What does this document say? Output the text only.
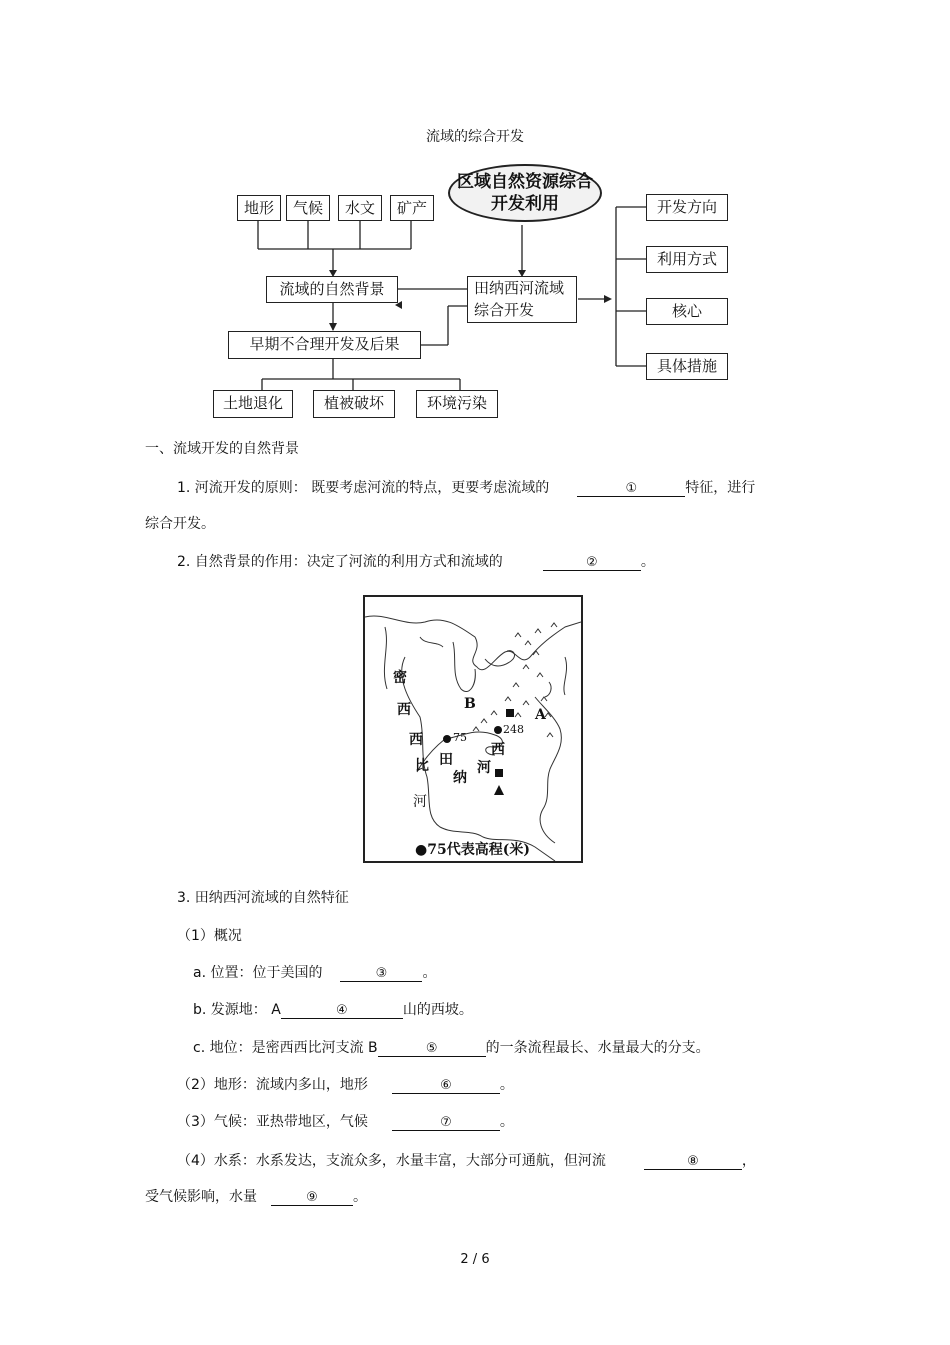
流域的综合开发
区域自然资源综合开发利用
地形	气候	水文	矿产
流域的自然背景
早期不合理开发及后果
土地退化	植被破坏	环境污染
田纳西河流域综合开发
开发方向
利用方式
核心
具体措施
一、流域开发的自然背景
1. 河流开发的原则： 既要考虑河流的特点，更要考虑流域的	①	特征，进行
综合开发。
2. 自然背景的作用：决定了河流的利用方式和流域的	②	。
密
西
西
比
河
田
纳
河
西
A
B
75
248
●75代表高程(米)
3. 田纳西河流域的自然特征
（1）概况
a. 位置：位于美国的	③	。
b. 发源地： A	④	山的西坡。
c. 地位：是密西西比河支流 B	⑤	的一条流程最长、水量最大的分支。
（2）地形：流域内多山，地形	⑥	。
（3）气候：亚热带地区，气候	⑦	。
（4）水系：水系发达，支流众多，水量丰富，大部分可通航，但河流	⑧	，
受气候影响，水量	⑨	。
2 / 6
